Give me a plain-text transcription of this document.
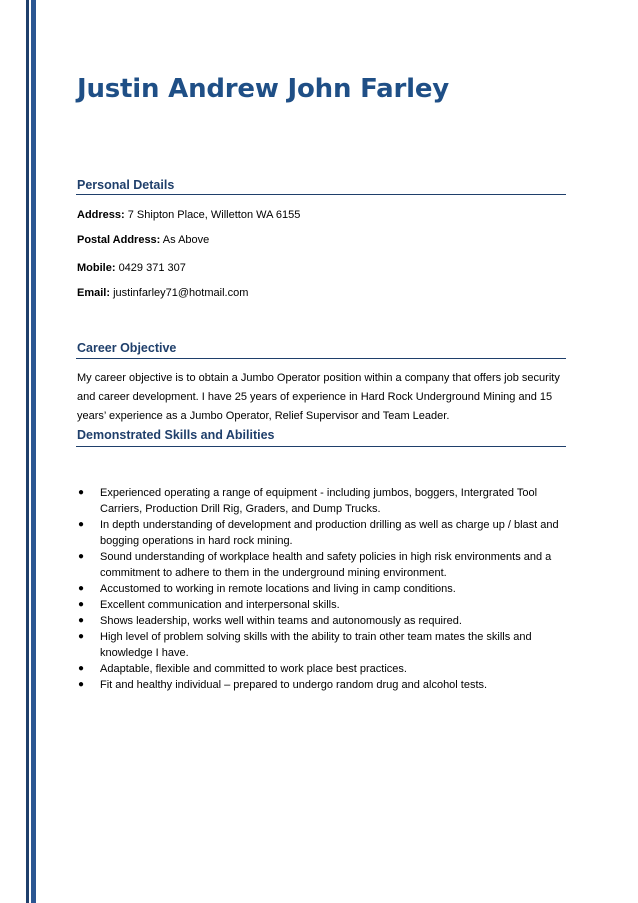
Justin Andrew John Farley
Personal Details
Address: 7 Shipton Place, Willetton WA 6155
Postal Address: As Above
Mobile: 0429 371 307
Email: justinfarley71@hotmail.com
Career Objective
My career objective is to obtain a Jumbo Operator position within a company that offers job security and career development. I have 25 years of experience in Hard Rock Underground Mining and 15 years’ experience as a Jumbo Operator, Relief Supervisor and Team Leader.
Demonstrated Skills and Abilities
● Experienced operating a range of equipment - including jumbos, boggers, Intergrated Tool Carriers, Production Drill Rig, Graders, and Dump Trucks.
● In depth understanding of development and production drilling as well as charge up / blast and bogging operations in hard rock mining.
● Sound understanding of workplace health and safety policies in high risk environments and a commitment to adhere to them in the underground mining environment.
● Accustomed to working in remote locations and living in camp conditions.
● Excellent communication and interpersonal skills.
● Shows leadership, works well within teams and autonomously as required.
● High level of problem solving skills with the ability to train other team mates the skills and knowledge I have.
● Adaptable, flexible and committed to work place best practices.
● Fit and healthy individual – prepared to undergo random drug and alcohol tests.
